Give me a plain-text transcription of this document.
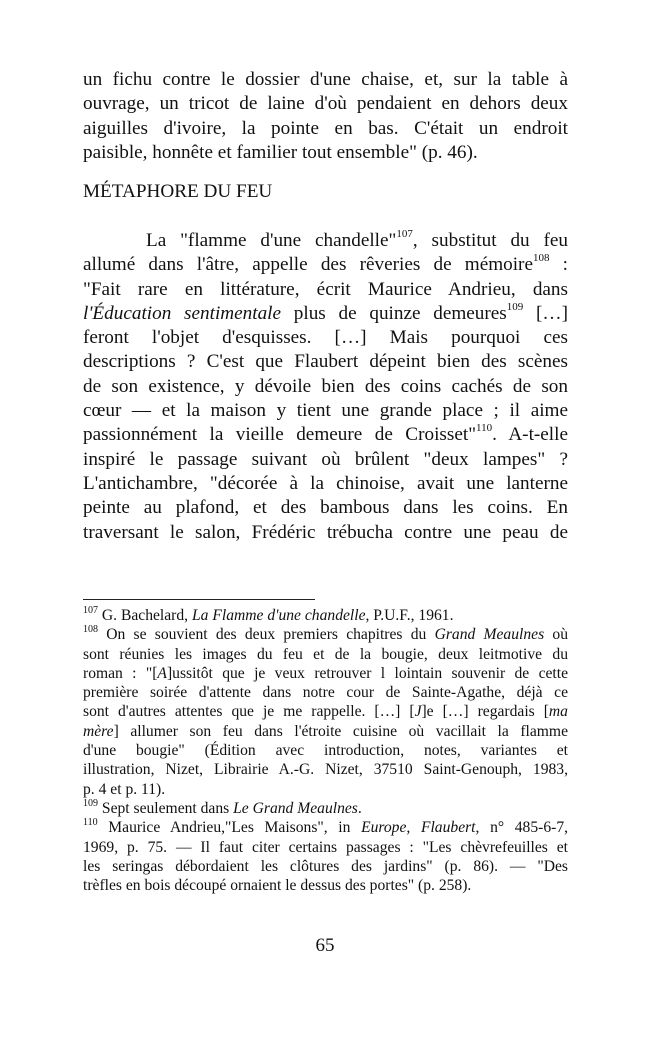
un fichu contre le dossier d'une chaise, et, sur la table à
ouvrage, un tricot de laine d'où pendaient en dehors deux
aiguilles d'ivoire, la pointe en bas. C'était un endroit
paisible, honnête et familier tout ensemble" (p. 46).
MÉTAPHORE DU FEU
La "flamme d'une chandelle"$^{107}$, substitut du feu
allumé dans l'âtre, appelle des rêveries de mémoire$^{108}$ :
"Fait rare en littérature, écrit Maurice Andrieu, dans
l'Éducation sentimentale plus de quinze demeures$^{109}$ […]
feront l'objet d'esquisses. […] Mais pourquoi ces
descriptions ? C'est que Flaubert dépeint bien des scènes
de son existence, y dévoile bien des coins cachés de son
cœur — et la maison y tient une grande place ; il aime
passionnément la vieille demeure de Croisset"$^{110}$. A-t-elle
inspiré le passage suivant où brûlent "deux lampes" ?
L'antichambre, "décorée à la chinoise, avait une lanterne
peinte au plafond, et des bambous dans les coins. En
traversant le salon, Frédéric trébucha contre une peau de
$^{107}$ G. Bachelard, La Flamme d'une chandelle, P.U.F., 1961.
$^{108}$ On se souvient des deux premiers chapitres du Grand Meaulnes où
sont réunies les images du feu et de la bougie, deux leitmotive du
roman : "[A]ussitôt que je veux retrouver l lointain souvenir de cette
première soirée d'attente dans notre cour de Sainte-Agathe, déjà ce
sont d'autres attentes que je me rappelle. […] [J]e […] regardais [ma
mère] allumer son feu dans l'étroite cuisine où vacillait la flamme
d'une bougie" (Édition avec introduction, notes, variantes et
illustration, Nizet, Librairie A.-G. Nizet, 37510 Saint-Genouph, 1983,
p. 4 et p. 11).
$^{109}$ Sept seulement dans Le Grand Meaulnes.
$^{110}$ Maurice Andrieu,"Les Maisons", in Europe, Flaubert, n° 485-6-7,
1969, p. 75. — Il faut citer certains passages : "Les chèvrefeuilles et
les seringas débordaient les clôtures des jardins" (p. 86). — "Des
trèfles en bois découpé ornaient le dessus des portes" (p. 258).
65
